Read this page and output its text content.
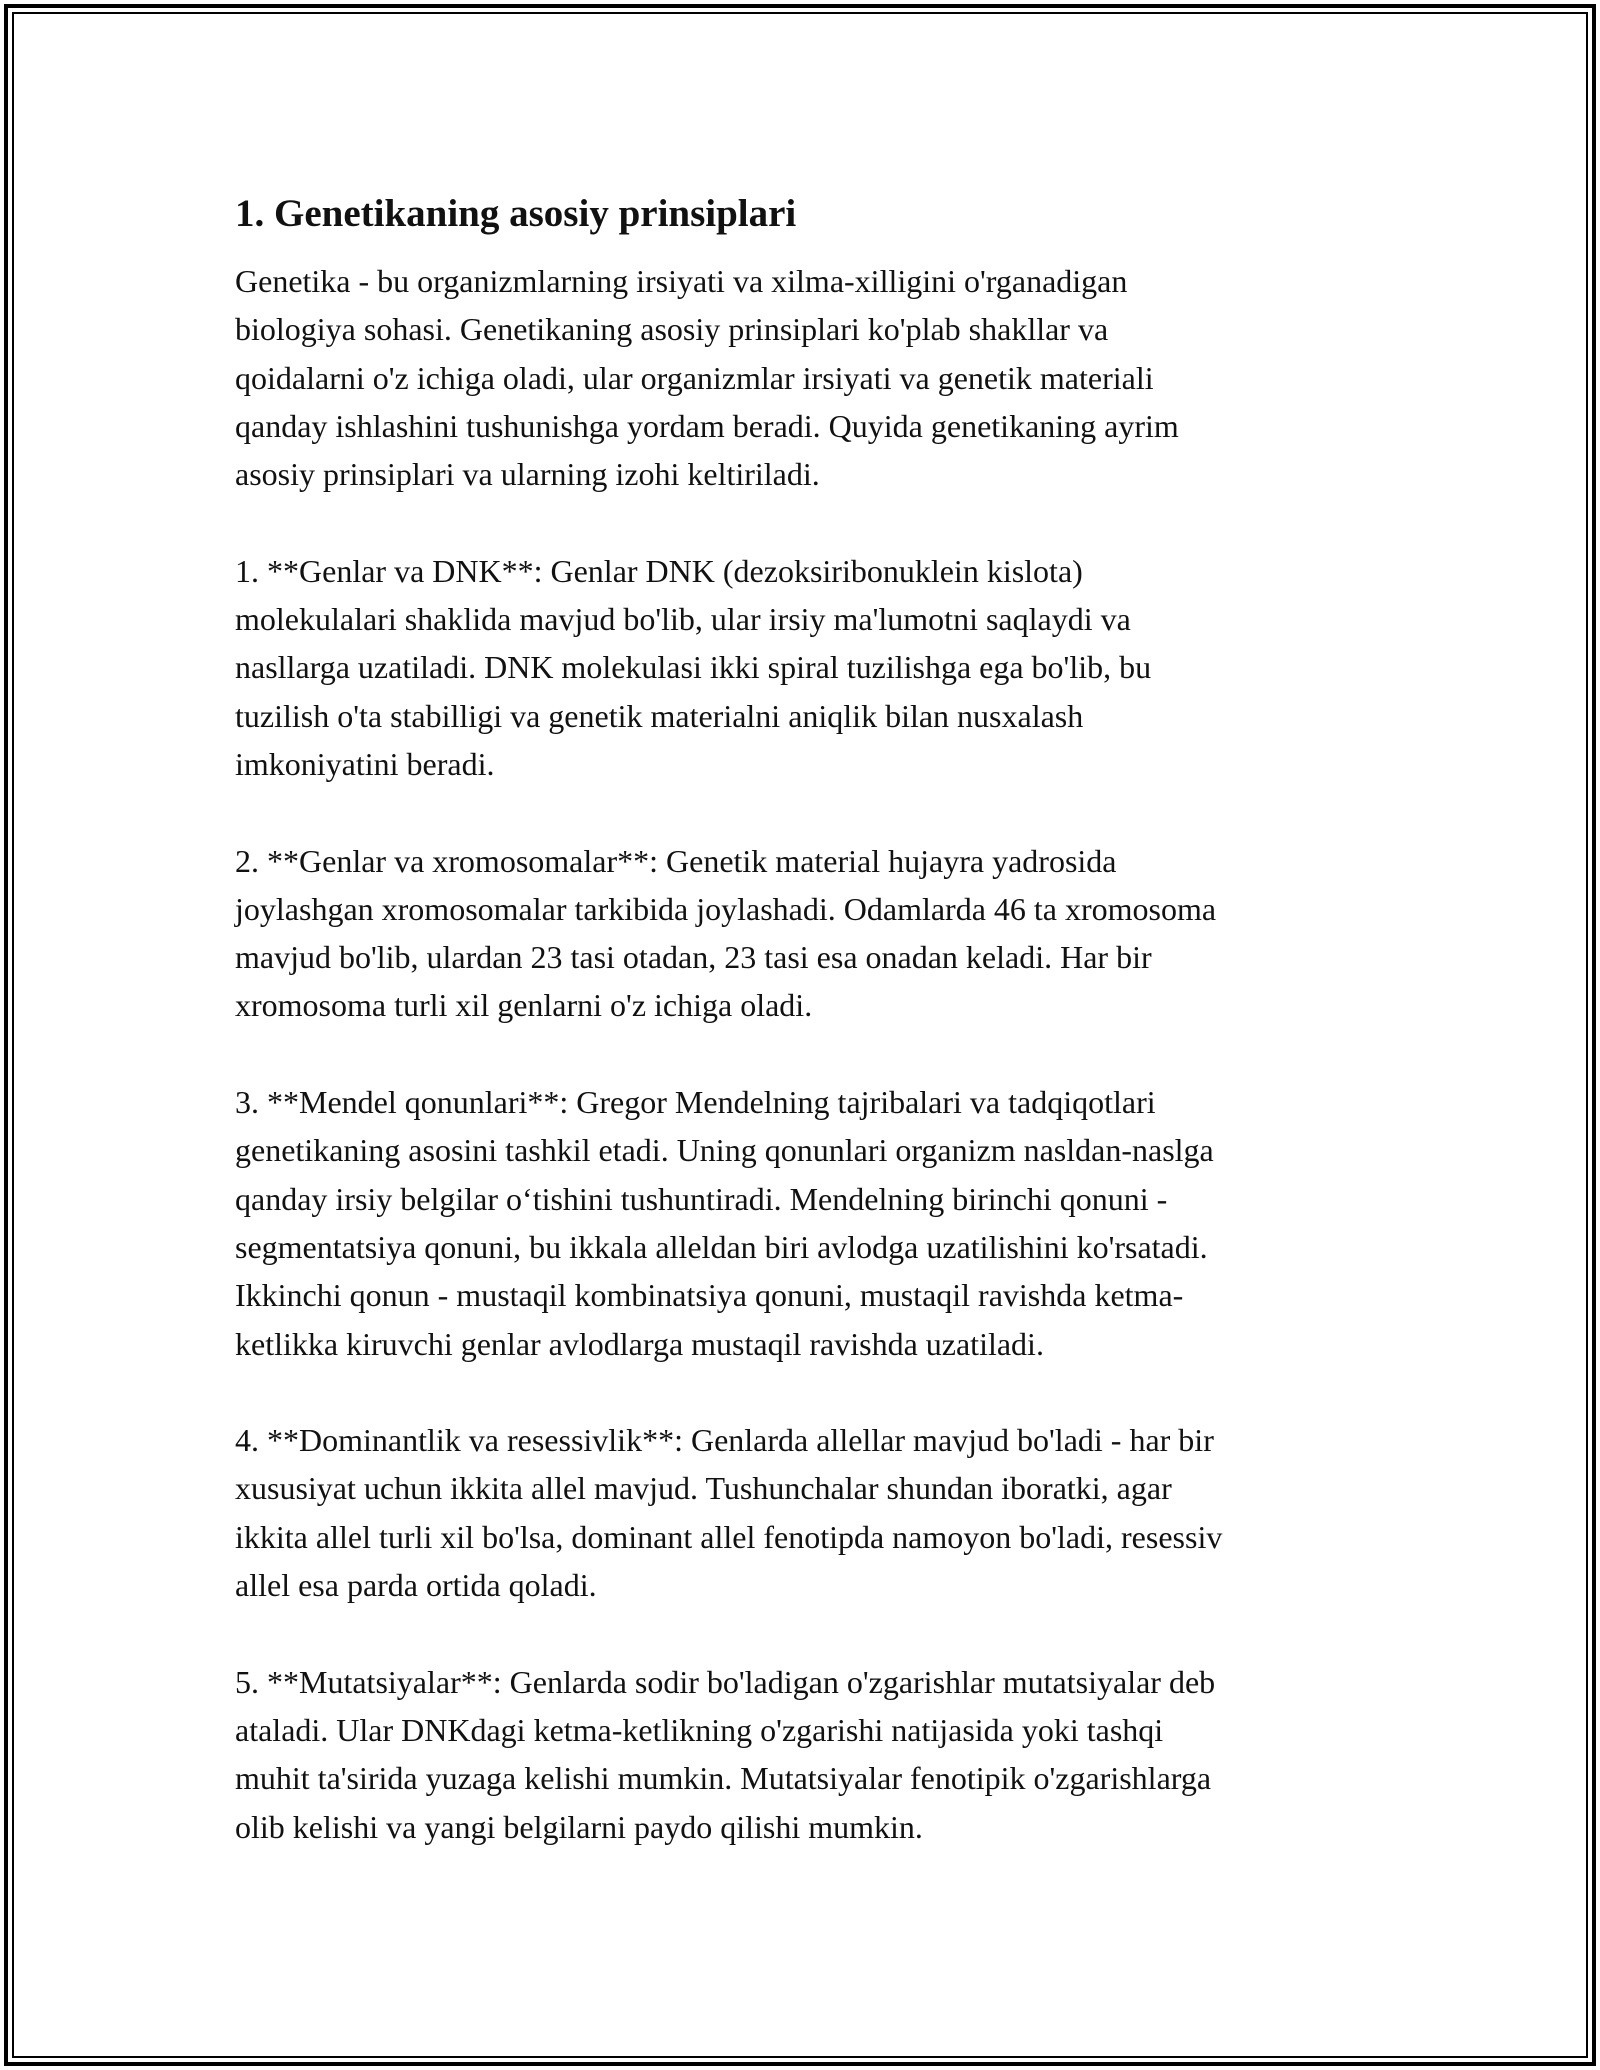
1. Genetikaning asosiy prinsiplari

Genetika - bu organizmlarning irsiyati va xilma-xilligini o'rganadigan
biologiya sohasi. Genetikaning asosiy prinsiplari ko'plab shakllar va
qoidalarni o'z ichiga oladi, ular organizmlar irsiyati va genetik materiali
qanday ishlashini tushunishga yordam beradi. Quyida genetikaning ayrim
asosiy prinsiplari va ularning izohi keltiriladi.

1. **Genlar va DNK**: Genlar DNK (dezoksiribonuklein kislota)
molekulalari shaklida mavjud bo'lib, ular irsiy ma'lumotni saqlaydi va
nasllarga uzatiladi. DNK molekulasi ikki spiral tuzilishga ega bo'lib, bu
tuzilish o'ta stabilligi va genetik materialni aniqlik bilan nusxalash
imkoniyatini beradi.

2. **Genlar va xromosomalar**: Genetik material hujayra yadrosida
joylashgan xromosomalar tarkibida joylashadi. Odamlarda 46 ta xromosoma
mavjud bo'lib, ulardan 23 tasi otadan, 23 tasi esa onadan keladi. Har bir
xromosoma turli xil genlarni o'z ichiga oladi.

3. **Mendel qonunlari**: Gregor Mendelning tajribalari va tadqiqotlari
genetikaning asosini tashkil etadi. Uning qonunlari organizm nasldan-naslga
qanday irsiy belgilar oʻtishini tushuntiradi. Mendelning birinchi qonuni -
segmentatsiya qonuni, bu ikkala alleldan biri avlodga uzatilishini ko'rsatadi.
Ikkinchi qonun - mustaqil kombinatsiya qonuni, mustaqil ravishda ketma-
ketlikka kiruvchi genlar avlodlarga mustaqil ravishda uzatiladi.

4. **Dominantlik va resessivlik**: Genlarda allellar mavjud bo'ladi - har bir
xususiyat uchun ikkita allel mavjud. Tushunchalar shundan iboratki, agar
ikkita allel turli xil bo'lsa, dominant allel fenotipda namoyon bo'ladi, resessiv
allel esa parda ortida qoladi.

5. **Mutatsiyalar**: Genlarda sodir bo'ladigan o'zgarishlar mutatsiyalar deb
ataladi. Ular DNKdagi ketma-ketlikning o'zgarishi natijasida yoki tashqi
muhit ta'sirida yuzaga kelishi mumkin. Mutatsiyalar fenotipik o'zgarishlarga
olib kelishi va yangi belgilarni paydo qilishi mumkin.
